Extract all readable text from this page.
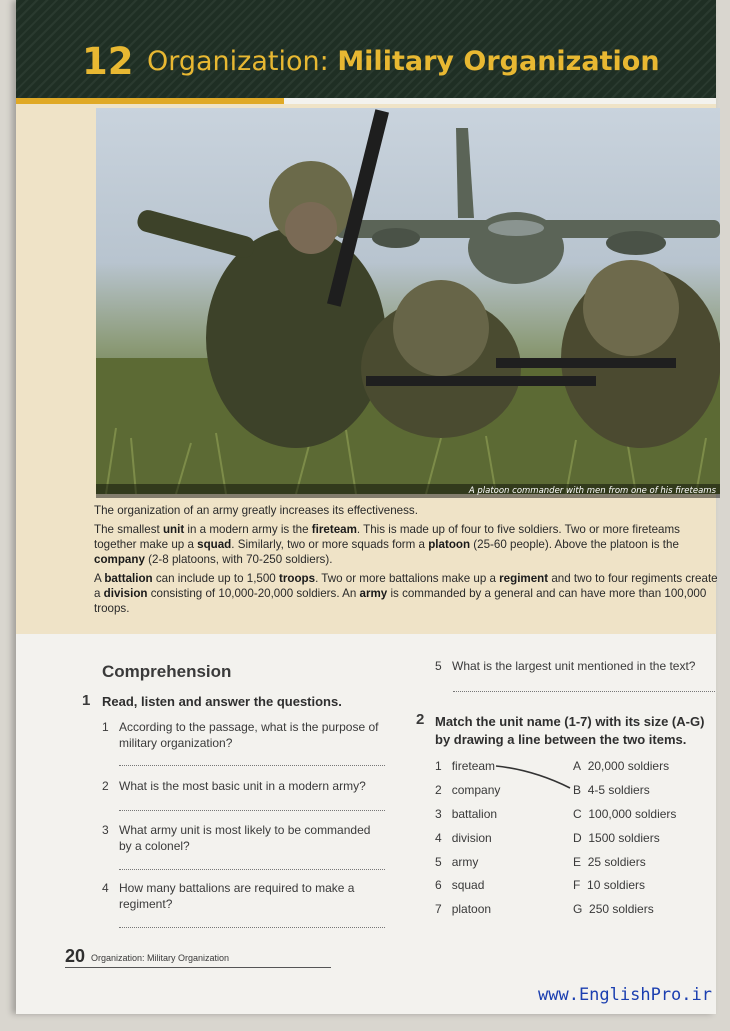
12 Organization: Military Organization
A platoon commander with men from one of his fireteams

The organization of an army greatly increases its effectiveness.

The smallest unit in a modern army is the fireteam. This is made up of four to five soldiers. Two or more fireteams together make up a squad. Similarly, two or more squads form a platoon (25-60 people). Above the platoon is the company (2-8 platoons, with 70-250 soldiers).

A battalion can include up to 1,500 troops. Two or more battalions make up a regiment and two to four regiments create a division consisting of 10,000-20,000 soldiers. An army is commanded by a general and can have more than 100,000 troops.

Comprehension
1 Read, listen and answer the questions.
1 According to the passage, what is the purpose of
military organization?
2 What is the most basic unit in a modern army?
3 What army unit is most likely to be commanded
by a colonel?
4 How many battalions are required to make a
regiment?
5 What is the largest unit mentioned in the text?
2 Match the unit name (1-7) with its size (A-G)
by drawing a line between the two items.
1 fireteam
2 company
3 battalion
4 division
5 army
6 squad
7 platoon
A 20,000 soldiers
B 4-5 soldiers
C 100,000 soldiers
D 1500 soldiers
E 25 soldiers
F 10 soldiers
G 250 soldiers
20 Organization: Military Organization
www.EnglishPro.ir
